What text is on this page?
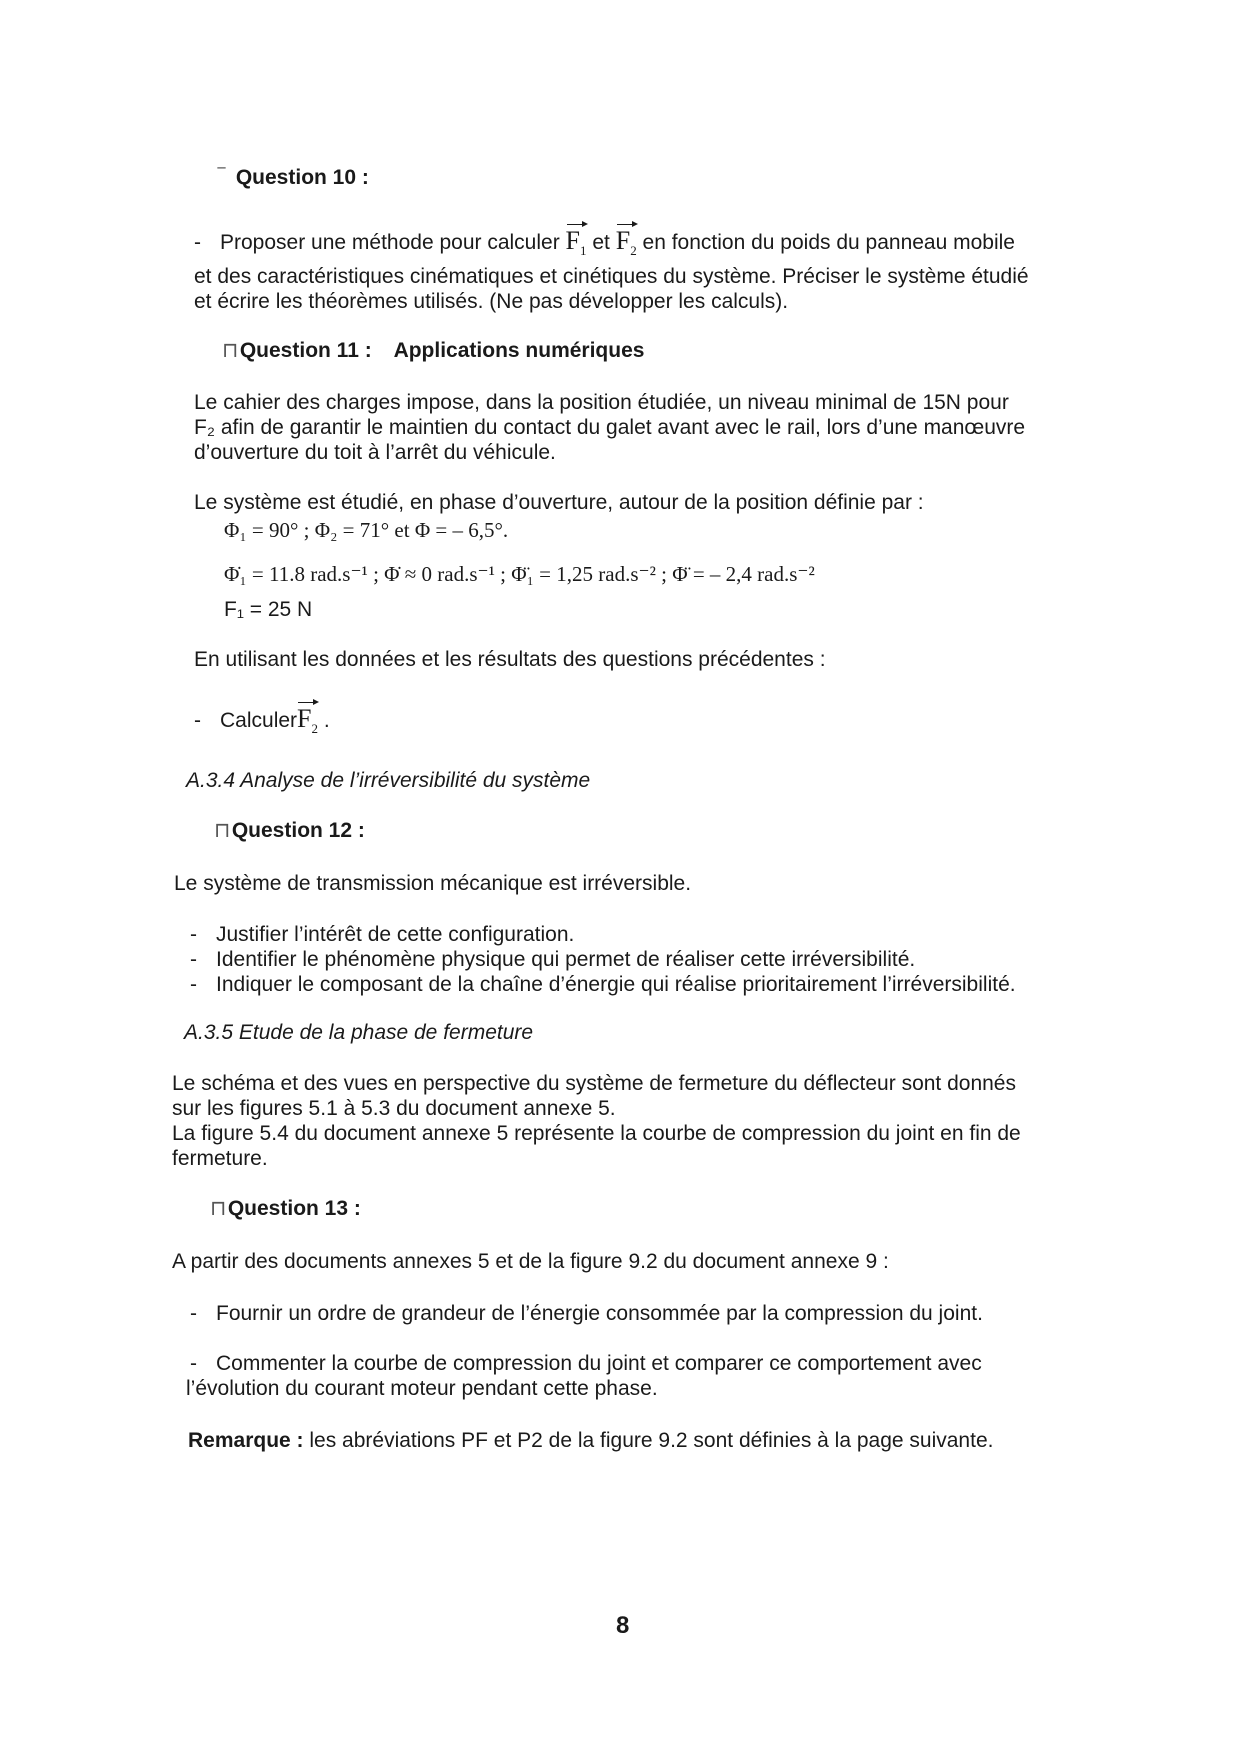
‾ Question 10 :
- Proposer une méthode pour calculer $F_1$ et $F_2$ en fonction du poids du panneau mobile

et des caractéristiques cinématiques et cinétiques du système. Préciser le système étudié

et écrire les théorèmes utilisés. (Ne pas développer les calculs).

⊓ Question 11 : Applications numériques

Le cahier des charges impose, dans la position étudiée, un niveau minimal de 15N pour

F₂ afin de garantir le maintien du contact du galet avant avec le rail, lors d’une manœuvre

d’ouverture du toit à l’arrêt du véhicule.

Le système est étudié, en phase d’ouverture, autour de la position définie par :

Φ₁ = 90° ; Φ₂ = 71° et Φ = – 6,5°.

Φ̇₁ = 11.8 rad.s⁻¹ ; Φ̇ ≈ 0 rad.s⁻¹ ; Φ̈₁ = 1,25 rad.s⁻² ; Φ̈ = – 2,4 rad.s⁻²

F₁ = 25 N

En utilisant les données et les résultats des questions précédentes :

- CalculerF$_2$ .

A.3.4 Analyse de l’irréversibilité du système

⊓ Question 12 :

Le système de transmission mécanique est irréversible.

- Justifier l’intérêt de cette configuration.

- Identifier le phénomène physique qui permet de réaliser cette irréversibilité.

- Indiquer le composant de la chaîne d’énergie qui réalise prioritairement l’irréversibilité.

A.3.5 Etude de la phase de fermeture

Le schéma et des vues en perspective du système de fermeture du déflecteur sont donnés

sur les figures 5.1 à 5.3 du document annexe 5.

La figure 5.4 du document annexe 5 représente la courbe de compression du joint en fin de

fermeture.

⊓ Question 13 :

A partir des documents annexes 5 et de la figure 9.2 du document annexe 9 :

- Fournir un ordre de grandeur de l’énergie consommée par la compression du joint.

- Commenter la courbe de compression du joint et comparer ce comportement avec

l’évolution du courant moteur pendant cette phase.

Remarque : les abréviations PF et P2 de la figure 9.2 sont définies à la page suivante.

8
